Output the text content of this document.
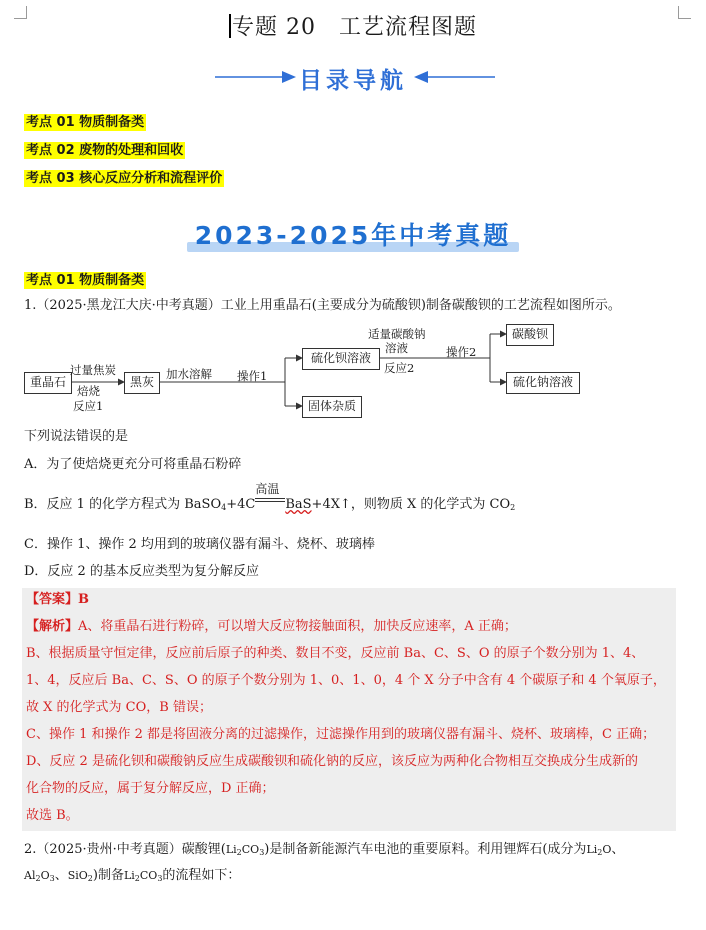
专题 20　工艺流程图题
目录导航
考点 01 物质制备类
考点 02 废物的处理和回收
考点 03 核心反应分析和流程评价
2023-2025年中考真题
考点 01 物质制备类
1.（2025·黑龙江大庆·中考真题）工业上用重晶石(主要成分为硫酸钡)制备碳酸钡的工艺流程如图所示。
重晶石
过量焦炭
焙烧
反应1
黑灰
加水溶解 操作1
硫化钡溶液
固体杂质
适量碳酸钠
溶液
反应2
操作2
碳酸钡
硫化钠溶液
下列说法错误的是
A．为了使焙烧更充分可将重晶石粉碎
B．反应 1 的化学方程式为 BaSO$_4$+4C
高温
BaS+4X↑，则物质 X 的化学式为 $CO_2$
C．操作 1、操作 2 均用到的玻璃仪器有漏斗、烧杯、玻璃棒
D．反应 2 的基本反应类型为复分解反应
【答案】B
【解析】A、将重晶石进行粉碎，可以增大反应物接触面积，加快反应速率，A 正确；
B、根据质量守恒定律，反应前后原子的种类、数目不变，反应前 Ba、C、S、O 的原子个数分别为 1、4、
1、4，反应后 Ba、C、S、O 的原子个数分别为 1、0、1、0，4 个 X 分子中含有 4 个碳原子和 4 个氧原子，
故 X 的化学式为 CO，B 错误；
C、操作 1 和操作 2 都是将固液分离的过滤操作，过滤操作用到的玻璃仪器有漏斗、烧杯、玻璃棒，C 正确；
D、反应 2 是硫化钡和碳酸钠反应生成碳酸钡和硫化钠的反应，该反应为两种化合物相互交换成分生成新的
化合物的反应，属于复分解反应，D 正确；
故选 B。
2.（2025·贵州·中考真题）碳酸锂$(Li_2CO_3)$是制备新能源汽车电池的重要原料。利用锂辉石(成分为$Li_2O$、
$Al_2O_3$、SiO$_2$)制备$Li_2CO_3$的流程如下：
